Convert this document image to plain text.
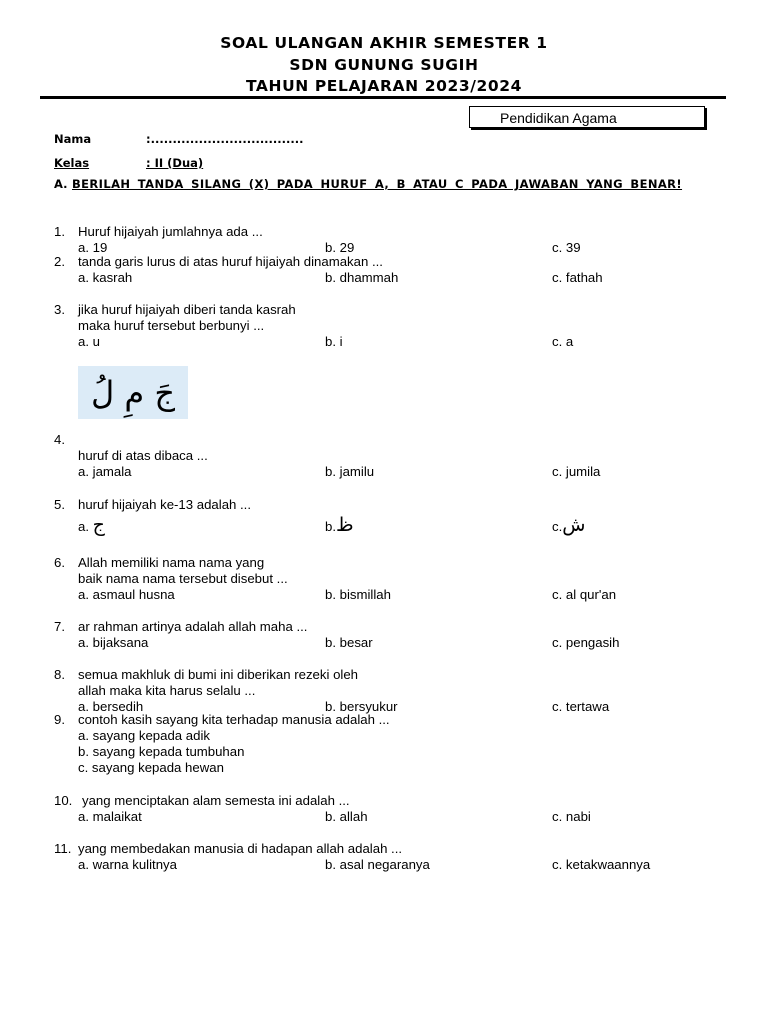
SOAL ULANGAN AKHIR SEMESTER 1
SDN GUNUNG SUGIH
TAHUN PELAJARAN 2023/2024
Pendidikan Agama
Nama	:...................................
Kelas	: II (Dua)
A. BERILAH TANDA SILANG (X) PADA HURUF A, B ATAU C PADA JAWABAN YANG BENAR!
1. Huruf hijaiyah jumlahnya ada ...
a. 19	b. 29	c. 39
2. tanda garis lurus di atas huruf hijaiyah dinamakan ...
a. kasrah	b. dhammah	c. fathah
3. jika huruf hijaiyah diberi tanda kasrah
maka huruf tersebut berbunyi ...
a. u	b. i	c. a
جَ مِ لُ
4.
huruf di atas dibaca ...
a. jamala	b. jamilu	c. jumila
5. huruf hijaiyah ke-13 adalah ...
a. ج	b.ظ	c.ش
6. Allah memiliki nama nama yang
baik nama nama tersebut disebut ...
a. asmaul husna	b. bismillah	c. al qur'an
7. ar rahman artinya adalah allah maha ...
a. bijaksana	b. besar	c. pengasih
8. semua makhluk di bumi ini diberikan rezeki oleh
allah maka kita harus selalu ...
a. bersedih	b. bersyukur	c. tertawa
9. contoh kasih sayang kita terhadap manusia adalah ...
a. sayang kepada adik
b. sayang kepada tumbuhan
c. sayang kepada hewan
10. yang menciptakan alam semesta ini adalah ...
a. malaikat	b. allah	c. nabi
11. yang membedakan manusia di hadapan allah adalah ...
a. warna kulitnya	b. asal negaranya	c. ketakwaannya
